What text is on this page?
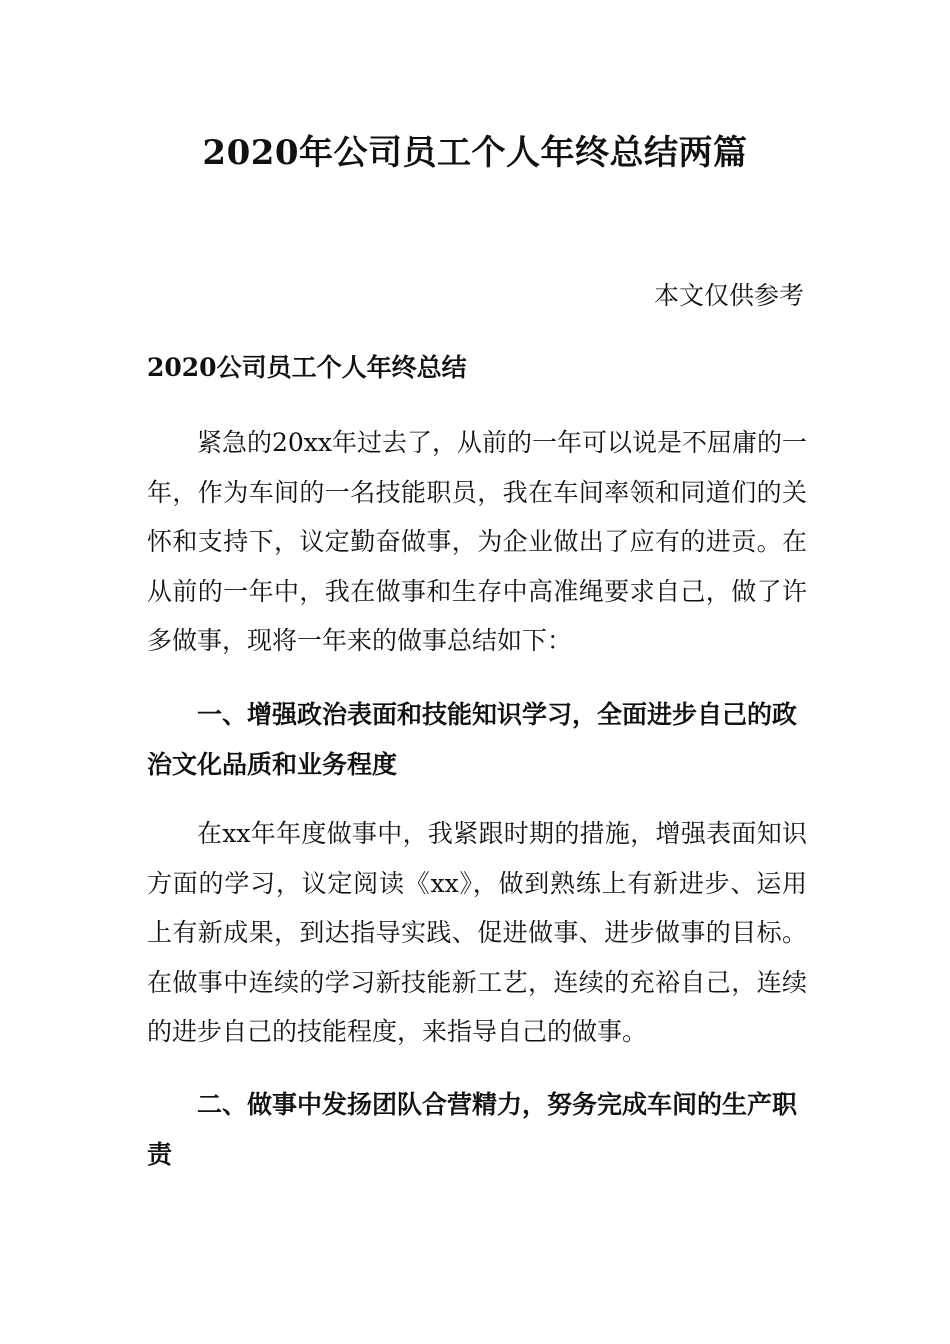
2020年公司员工个人年终总结两篇

本文仅供参考

2020公司员工个人年终总结

紧急的20xx年过去了，从前的一年可以说是不屈庸的一年，作为车间的一名技能职员，我在车间率领和同道们的关怀和支持下，议定勤奋做事，为企业做出了应有的进贡。在从前的一年中，我在做事和生存中高准绳要求自己，做了许多做事，现将一年来的做事总结如下：

一、增强政治表面和技能知识学习，全面进步自己的政治文化品质和业务程度

在xx年年度做事中，我紧跟时期的措施，增强表面知识方面的学习，议定阅读《xx》，做到熟练上有新进步、运用上有新成果，到达指导实践、促进做事、进步做事的目标。在做事中连续的学习新技能新工艺，连续的充裕自己，连续的进步自己的技能程度，来指导自己的做事。

二、做事中发扬团队合营精力，努务完成车间的生产职责
